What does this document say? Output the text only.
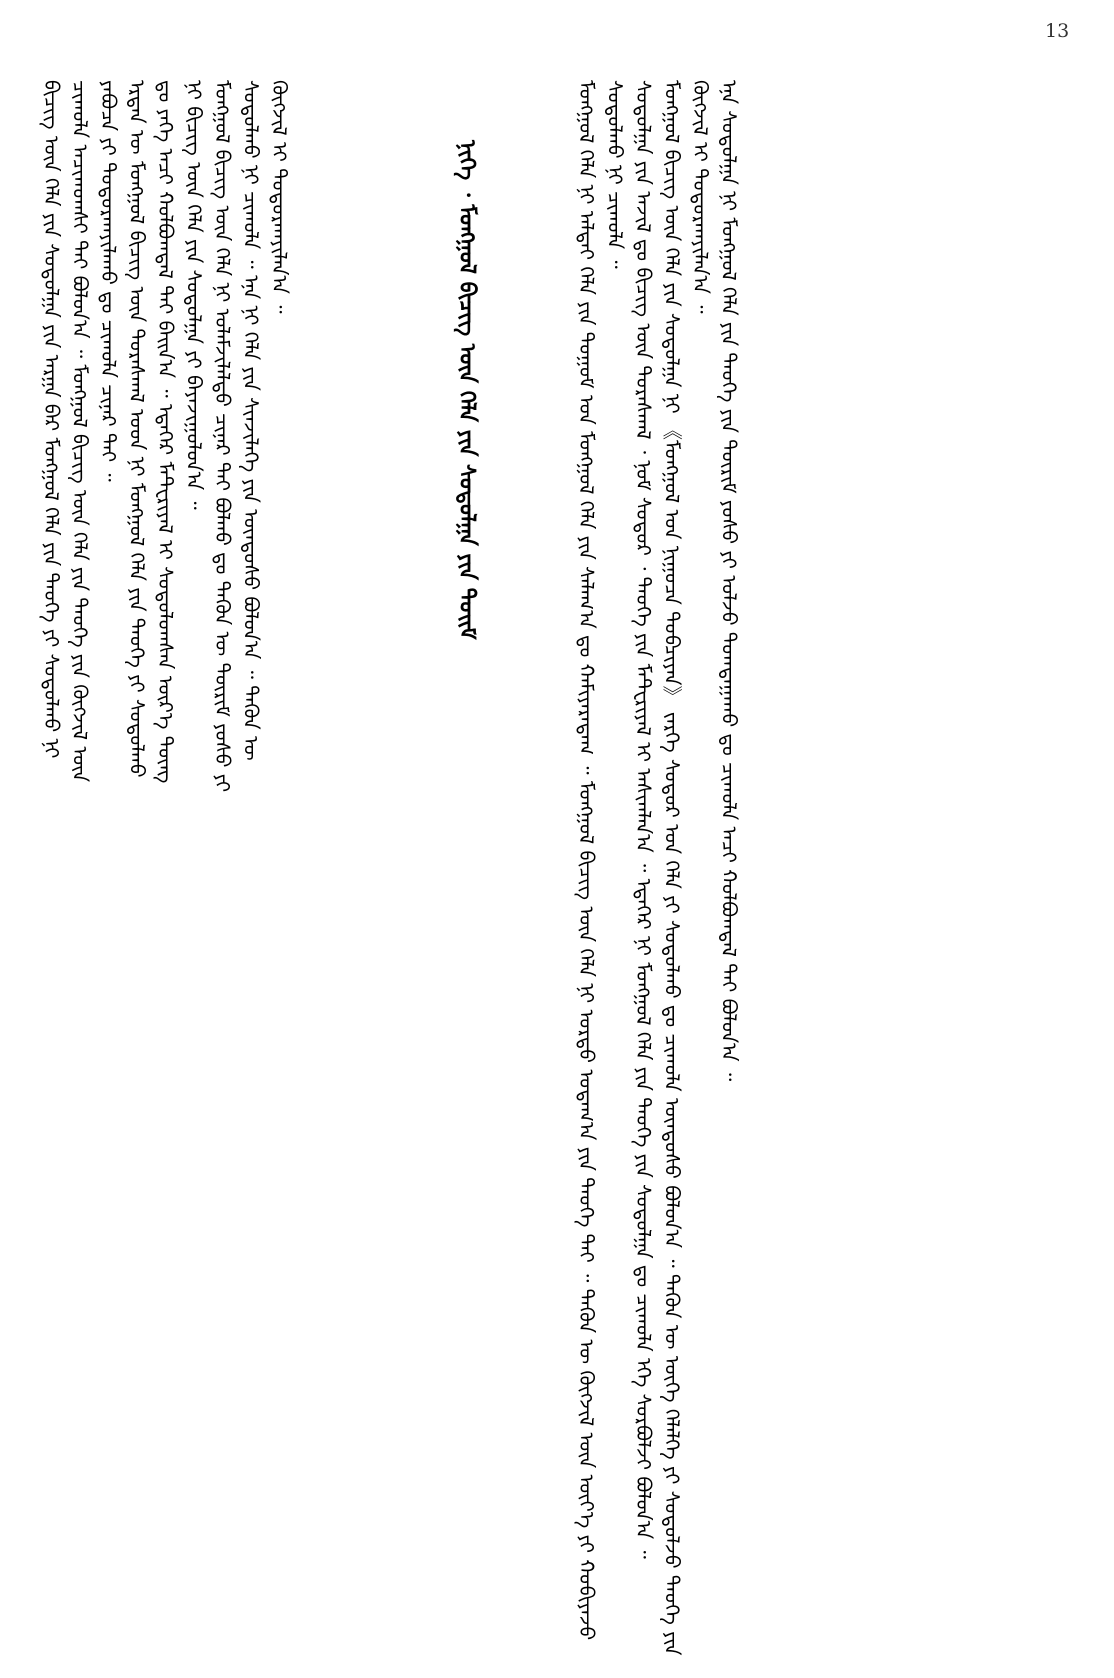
13

ᠪᠢᠴᠢᠭ ᠦᠨ ᠬᠡᠯᠡ ᠶᠢᠨ ᠰᠤᠳᠤᠯᠭᠠ ᠶᠢᠨ ᠠᠷᠭᠠ ᠪᠠᠷ ᠮᠣᠩᠭᠣᠯ ᠬᠡᠯᠡ ᠶᠢᠨ ᠲᠡᠦᠬᠡ ᠶᠢ ᠰᠤᠳᠤᠯᠬᠤ ᠨᠢ ᠴᠢᠬᠤᠯᠠ ᠠᠴᠢᠬᠤᠭᠰᠢ ᠲᠠᠢ ᠪᠣᠯᠤᠨ᠎ᠠ ᠃ ᠮᠣᠩᠭᠣᠯ ᠪᠢᠴᠢᠭ ᠦᠨ ᠬᠡᠯᠡ ᠶᠢᠨ ᠲᠡᠦᠬᠡ ᠶᠢᠨ ᠬᠥᠭᠵᠢᠯ ᠦᠨ ᠶᠠᠪᠤᠴᠠ ᠶᠢ ᠲᠣᠳᠤᠷᠬᠠᠶᠢᠯᠠᠬᠤ ᠳᠤ ᠴᠢᠬᠤᠯᠠ ᠴᠢᠨᠠᠷ ᠲᠠᠢ ᠃ ᠡᠷᠲᠡᠨ ᠦ ᠮᠣᠩᠭᠣᠯ ᠪᠢᠴᠢᠭ ᠦᠨ ᠳᠤᠷᠠᠰᠬᠠᠯ ᠤᠳ ᠨᠢ ᠮᠣᠩᠭᠣᠯ ᠬᠡᠯᠡ ᠶᠢᠨ ᠲᠡᠦᠬᠡ ᠶᠢ ᠰᠤᠳᠤᠯᠬᠤ ᠳᠤ ᠶᠡᠬᠡ ᠠᠴᠢ ᠬᠣᠯᠪᠣᠭᠳᠠᠯ ᠲᠠᠢ ᠪᠠᠢᠨ᠎ᠠ ᠃ ᠡᠳᠡᠭᠡᠷ ᠮᠠᠲ᠋ᠧᠷᠢᠶᠠᠯ ᠢ ᠰᠤᠳᠤᠯᠤᠭᠰᠠᠨ ᠦᠷ᠎ᠡ ᠳᠦᠩ ᠨᠢ ᠪᠢᠴᠢᠭ ᠦᠨ ᠬᠡᠯᠡ ᠶᠢᠨ ᠰᠤᠳᠤᠯᠭᠠ ᠶᠢ ᠪᠠᠶᠠᠵᠢᠭᠤᠯᠤᠨ᠎ᠠ ᠃ ᠮᠣᠩᠭᠣᠯ ᠪᠢᠴᠢᠭ ᠦᠨ ᠬᠡᠯᠡ ᠨᠢ ᠤᠯᠠᠮᠵᠢᠯᠠᠯᠲᠤ ᠴᠢᠨᠠᠷ ᠲᠠᠢ ᠪᠣᠯᠬᠤ ᠳᠤ ᠲᠡᠭᠦᠨ ᠦ ᠳᠦᠷᠢᠮ ᠶᠣᠰᠣ ᠶᠢ ᠰᠤᠳᠤᠯᠬᠤ ᠨᠢ ᠴᠢᠬᠤᠯᠠ ᠃ ᠡᠨᠡ ᠨᠢ ᠬᠡᠯᠡ ᠶᠢᠨ ᠰᠢᠨᠵᠢᠯᠡᠭᠡ ᠶᠢᠨ ᠦᠨᠳᠦᠰᠦ ᠪᠣᠯᠤᠨ᠎ᠠ ᠃ ᠲᠡᠭᠦᠨ ᠦ ᠬᠥᠭᠵᠢᠯ ᠢ ᠲᠣᠳᠤᠷᠬᠠᠶᠢᠯᠠᠨ᠎ᠠ ᠃	ᠨᠢᠭᠡ ᠂ ᠮᠣᠩᠭᠣᠯ ᠪᠢᠴᠢᠭ ᠦᠨ ᠬᠡᠯᠡ ᠶᠢᠨ ᠰᠤᠳᠤᠯᠭᠠ ᠶᠢᠨ ᠲᠣᠢᠮ	ᠮᠣᠩᠭᠣᠯ ᠬᠡᠯᠡ ᠨᠢ ᠠᠯᠲᠠᠢ ᠬᠡᠯᠡ ᠶᠢᠨ ᠲᠣᠭᠣᠮ ᠤᠨ ᠮᠣᠩᠭᠣᠯ ᠬᠡᠯᠡ ᠶᠢᠨ ᠰᠠᠯᠠᠭ᠎ᠠ ᠳᠤ ᠬᠠᠮᠢᠶᠠᠷᠠᠳᠠᠭ ᠃ ᠮᠣᠩᠭᠣᠯ ᠪᠢᠴᠢᠭ ᠦᠨ ᠬᠡᠯᠡ ᠨᠢ ᠤᠷᠲᠤ ᠤᠳᠠᠭ᠎ᠠ ᠶᠢᠨ ᠲᠡᠦᠬᠡ ᠲᠠᠢ ᠃ ᠲᠡᠭᠦᠨ ᠦ ᠬᠥᠭᠵᠢᠯ ᠦᠨ ᠦᠶ᠎ᠡ ᠶᠢ ᠬᠤᠪᠢᠶᠠᠵᠤ ᠰᠤᠳᠤᠯᠬᠤ ᠨᠢ ᠴᠢᠬᠤᠯᠠ ᠃ ᠰᠤᠳᠤᠯᠭᠠ ᠶᠢᠨ ᠠᠵᠢᠯ ᠳᠤ ᠪᠢᠴᠢᠭ ᠦᠨ ᠳᠤᠷᠠᠰᠬᠠᠯ ᠂ ᠨᠣᠮ ᠰᠤᠳᠤᠷ ᠂ ᠲᠡᠦᠬᠡ ᠶᠢᠨ ᠮᠠᠲ᠋ᠧᠷᠢᠶᠠᠯ ᠢ ᠠᠰᠢᠭᠯᠠᠨ᠎ᠠ ᠃ ᠡᠳᠡᠭᠡᠷ ᠨᠢ ᠮᠣᠩᠭᠣᠯ ᠬᠡᠯᠡ ᠶᠢᠨ ᠲᠡᠦᠬᠡ ᠶᠢᠨ ᠰᠤᠳᠤᠯᠭᠠ ᠳᠤ ᠴᠢᠬᠤᠯᠠ ᠡᠬᠡ ᠰᠤᠷᠪᠤᠯᠵᠢ ᠪᠣᠯᠤᠨ᠎ᠠ ᠃ ᠮᠣᠩᠭᠣᠯ ᠪᠢᠴᠢᠭ ᠦᠨ ᠬᠡᠯᠡ ᠶᠢᠨ ᠰᠤᠳᠤᠯᠭᠠ ᠨᠢ 《ᠮᠣᠩᠭᠣᠯ ᠤᠨ ᠨᠢᠭᠤᠴᠠ ᠲᠣᠪᠴᠢᠶᠠᠨ》 ᠵᠡᠷᠭᠡ ᠰᠣᠳᠤᠷ ᠤᠨ ᠬᠡᠯᠡ ᠶᠢ ᠰᠤᠳᠤᠯᠬᠤ ᠳᠤ ᠴᠢᠬᠤᠯᠠ ᠦᠨᠳᠦᠰᠦ ᠪᠣᠯᠤᠨ᠎ᠠ ᠃ ᠲᠡᠭᠦᠨ ᠦ ᠦᠭᠡ ᠬᠡᠯᠡᠯᠭᠡ ᠶᠢ ᠰᠤᠳᠤᠯᠵᠤ ᠲᠡᠦᠬᠡ ᠶᠢᠨ ᠬᠥᠭᠵᠢᠯ ᠢ ᠲᠣᠳᠤᠷᠬᠠᠶᠢᠯᠠᠨ᠎ᠠ ᠃ ᠡᠨᠡ ᠰᠤᠳᠤᠯᠭᠠ ᠨᠢ ᠮᠣᠩᠭᠣᠯ ᠬᠡᠯᠡ ᠶᠢᠨ ᠲᠡᠦᠬᠡ ᠶᠢᠨ ᠳᠦᠷᠢᠮ ᠶᠣᠰᠣ ᠶᠢ ᠣᠯᠵᠤ ᠲᠣᠭᠲᠠᠭᠠᠬᠤ ᠳᠤ ᠴᠢᠬᠤᠯᠠ ᠠᠴᠢ ᠬᠣᠯᠪᠣᠭᠳᠠᠯ ᠲᠠᠢ ᠪᠣᠯᠤᠨ᠎ᠠ ᠃
